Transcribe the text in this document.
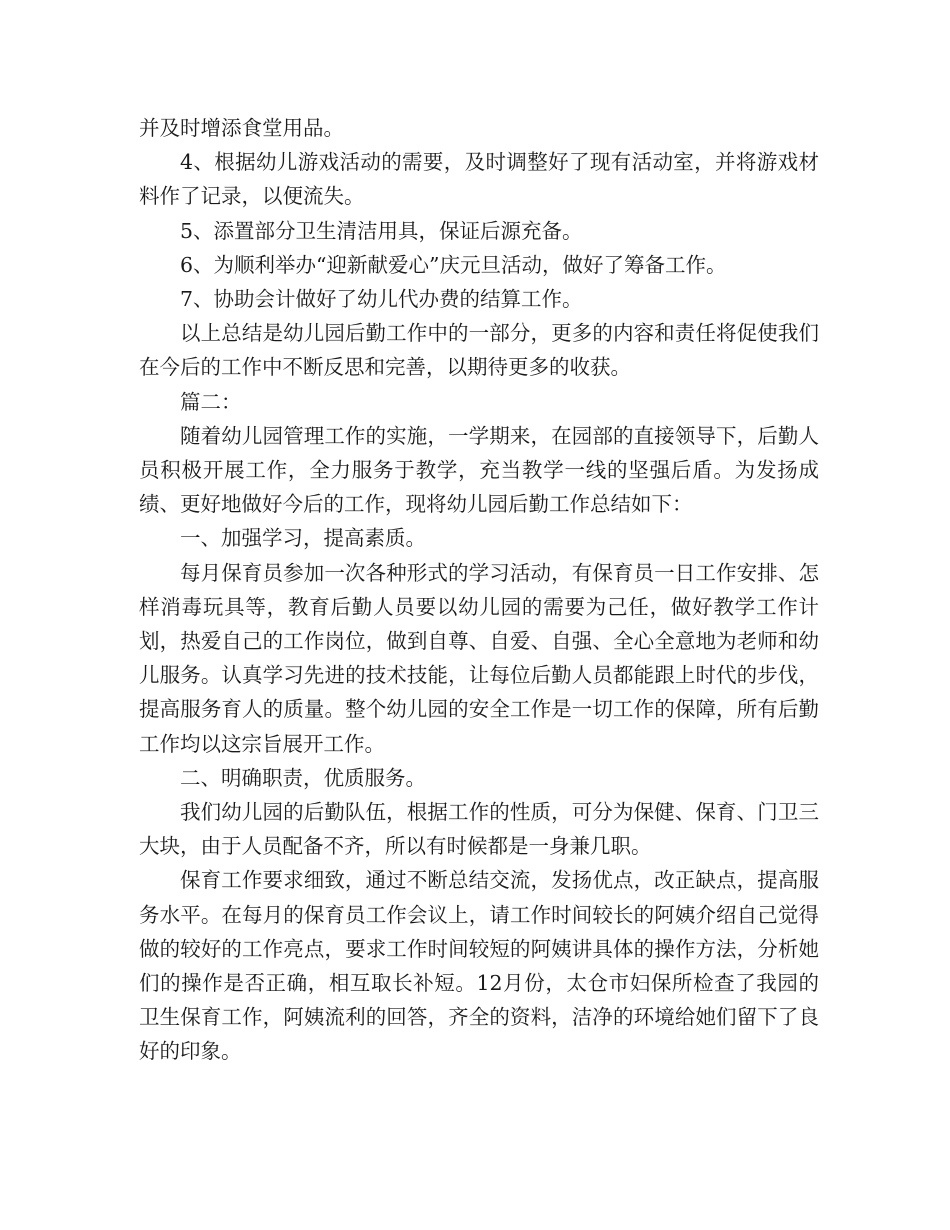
并及时增添食堂用品。

4、根据幼儿游戏活动的需要，及时调整好了现有活动室，并将游戏材料作了记录，以便流失。

5、添置部分卫生清洁用具，保证后源充备。

6、为顺利举办“迎新献爱心”庆元旦活动，做好了筹备工作。

7、协助会计做好了幼儿代办费的结算工作。

以上总结是幼儿园后勤工作中的一部分，更多的内容和责任将促使我们在今后的工作中不断反思和完善，以期待更多的收获。

篇二：

随着幼儿园管理工作的实施，一学期来，在园部的直接领导下，后勤人员积极开展工作，全力服务于教学，充当教学一线的坚强后盾。为发扬成绩、更好地做好今后的工作，现将幼儿园后勤工作总结如下：

一、加强学习，提高素质。

每月保育员参加一次各种形式的学习活动，有保育员一日工作安排、怎样消毒玩具等，教育后勤人员要以幼儿园的需要为己任，做好教学工作计划，热爱自己的工作岗位，做到自尊、自爱、自强、全心全意地为老师和幼儿服务。认真学习先进的技术技能，让每位后勤人员都能跟上时代的步伐，提高服务育人的质量。整个幼儿园的安全工作是一切工作的保障，所有后勤工作均以这宗旨展开工作。

二、明确职责，优质服务。

我们幼儿园的后勤队伍，根据工作的性质，可分为保健、保育、门卫三大块，由于人员配备不齐，所以有时候都是一身兼几职。

保育工作要求细致，通过不断总结交流，发扬优点，改正缺点，提高服务水平。在每月的保育员工作会议上，请工作时间较长的阿姨介绍自己觉得做的较好的工作亮点，要求工作时间较短的阿姨讲具体的操作方法，分析她们的操作是否正确，相互取长补短。12月份，太仓市妇保所检查了我园的卫生保育工作，阿姨流利的回答，齐全的资料，洁净的环境给她们留下了良好的印象。
